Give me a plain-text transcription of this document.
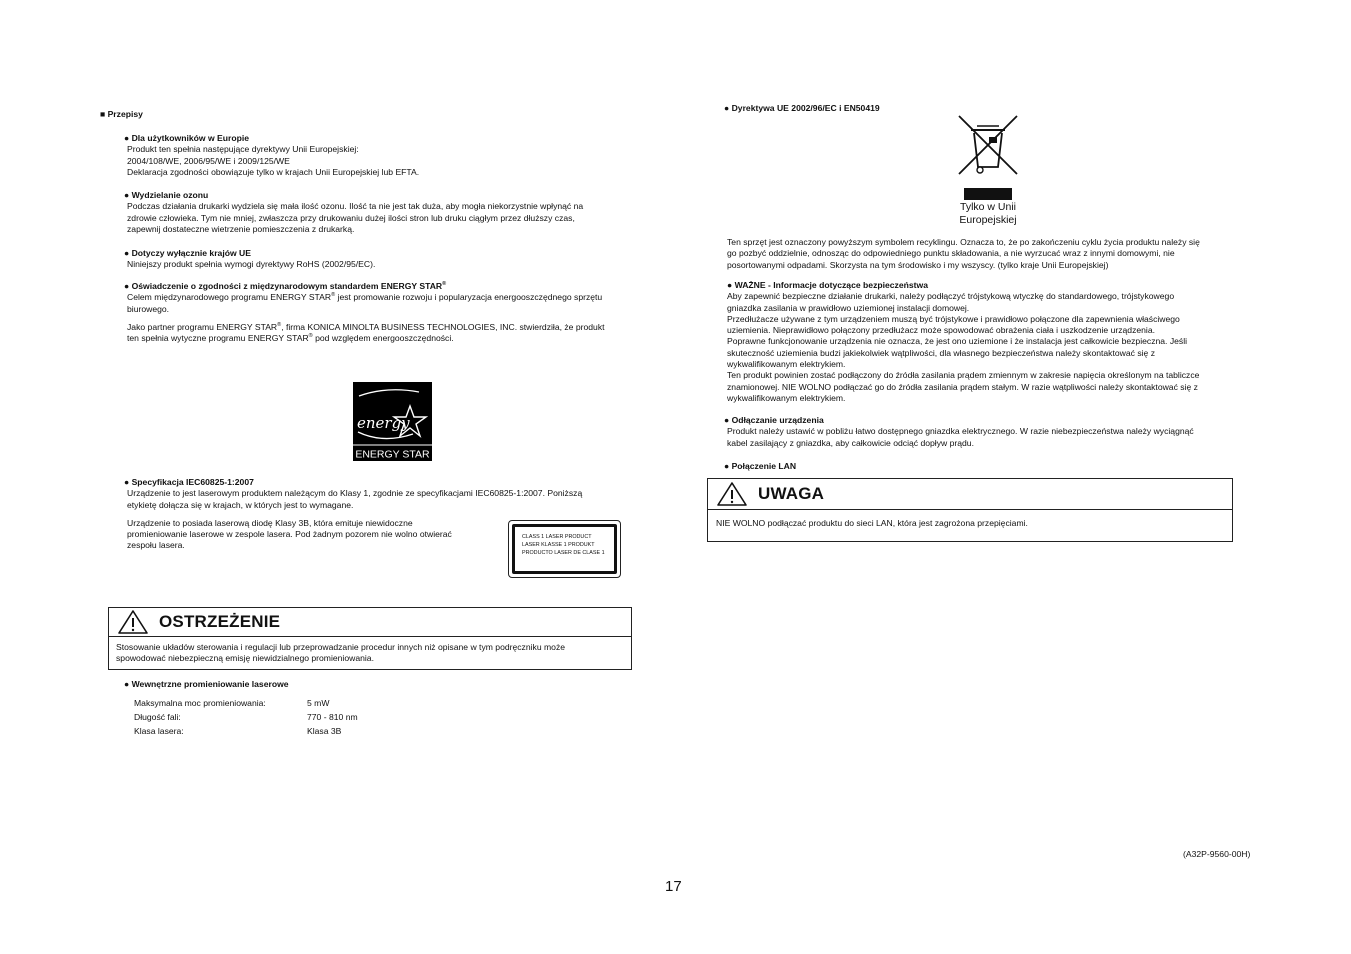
■ Przepisy

● Dla użytkowników w Europie

Produkt ten spełnia następujące dyrektywy Unii Europejskiej:

2004/108/WE, 2006/95/WE i 2009/125/WE

Deklaracja zgodności obowiązuje tylko w krajach Unii Europejskiej lub EFTA.

● Wydzielanie ozonu

Podczas działania drukarki wydziela się mała ilość ozonu. Ilość ta nie jest tak duża, aby mogła niekorzystnie wpłynąć na

zdrowie człowieka. Tym nie mniej, zwłaszcza przy drukowaniu dużej ilości stron lub druku ciągłym przez dłuższy czas,

zapewnij dostateczne wietrzenie pomieszczenia z drukarką.

● Dotyczy wyłącznie krajów UE

Niniejszy produkt spełnia wymogi dyrektywy RoHS (2002/95/EC).

● Oświadczenie o zgodności z międzynarodowym standardem ENERGY STAR®

Celem międzynarodowego programu ENERGY STAR® jest promowanie rozwoju i popularyzacja energooszczędnego sprzętu

biurowego.

Jako partner programu ENERGY STAR®, firma KONICA MINOLTA BUSINESS TECHNOLOGIES, INC. stwierdziła, że produkt

ten spełnia wytyczne programu ENERGY STAR® pod względem energooszczędności.

energy
ENERGY STAR

● Specyfikacja IEC60825-1:2007

Urządzenie to jest laserowym produktem należącym do Klasy 1, zgodnie ze specyfikacjami IEC60825-1:2007. Poniższą

etykietę dołącza się w krajach, w których jest to wymagane.

Urządzenie to posiada laserową diodę Klasy 3B, która emituje niewidoczne

promieniowanie laserowe w zespole lasera. Pod żadnym pozorem nie wolno otwierać

zespołu lasera.

CLASS 1 LASER PRODUCT
LASER KLASSE 1 PRODUKT
PRODUCTO LASER DE CLASE 1
OSTRZEŻENIE

Stosowanie układów sterowania i regulacji lub przeprowadzanie procedur innych niż opisane w tym podręczniku może

spowodować niebezpieczną emisję niewidzialnego promieniowania.

● Wewnętrzne promieniowanie laserowe

Maksymalna moc promieniowania:	5 mW
Długość fali:	770 - 810 nm
Klasa lasera:	Klasa 3B
● Dyrektywa UE 2002/96/EC i EN50419
Tylko w Unii
Europejskiej

Ten sprzęt jest oznaczony powyższym symbolem recyklingu. Oznacza to, że po zakończeniu cyklu życia produktu należy się

go pozbyć oddzielnie, odnosząc do odpowiedniego punktu składowania, a nie wyrzucać wraz z innymi domowymi, nie

posortowanymi odpadami. Skorzysta na tym środowisko i my wszyscy. (tylko kraje Unii Europejskiej)

● WAŻNE - Informacje dotyczące bezpieczeństwa

Aby zapewnić bezpieczne działanie drukarki, należy podłączyć trójstykową wtyczkę do standardowego, trójstykowego

gniazdka zasilania w prawidłowo uziemionej instalacji domowej.

Przedłużacze używane z tym urządzeniem muszą być trójstykowe i prawidłowo połączone dla zapewnienia właściwego

uziemienia. Nieprawidłowo połączony przedłużacz może spowodować obrażenia ciała i uszkodzenie urządzenia.

Poprawne funkcjonowanie urządzenia nie oznacza, że jest ono uziemione i że instalacja jest całkowicie bezpieczna. Jeśli

skuteczność uziemienia budzi jakiekolwiek wątpliwości, dla własnego bezpieczeństwa należy skontaktować się z

wykwalifikowanym elektrykiem.

Ten produkt powinien zostać podłączony do źródła zasilania prądem zmiennym w zakresie napięcia określonym na tabliczce

znamionowej. NIE WOLNO podłączać go do źródła zasilania prądem stałym. W razie wątpliwości należy skontaktować się z

wykwalifikowanym elektrykiem.

● Odłączanie urządzenia

Produkt należy ustawić w pobliżu łatwo dostępnego gniazdka elektrycznego. W razie niebezpieczeństwa należy wyciągnąć

kabel zasilający z gniazdka, aby całkowicie odciąć dopływ prądu.

● Połączenie LAN
UWAGA

NIE WOLNO podłączać produktu do sieci LAN, która jest zagrożona przepięciami.

(A32P-9560-00H)
17
